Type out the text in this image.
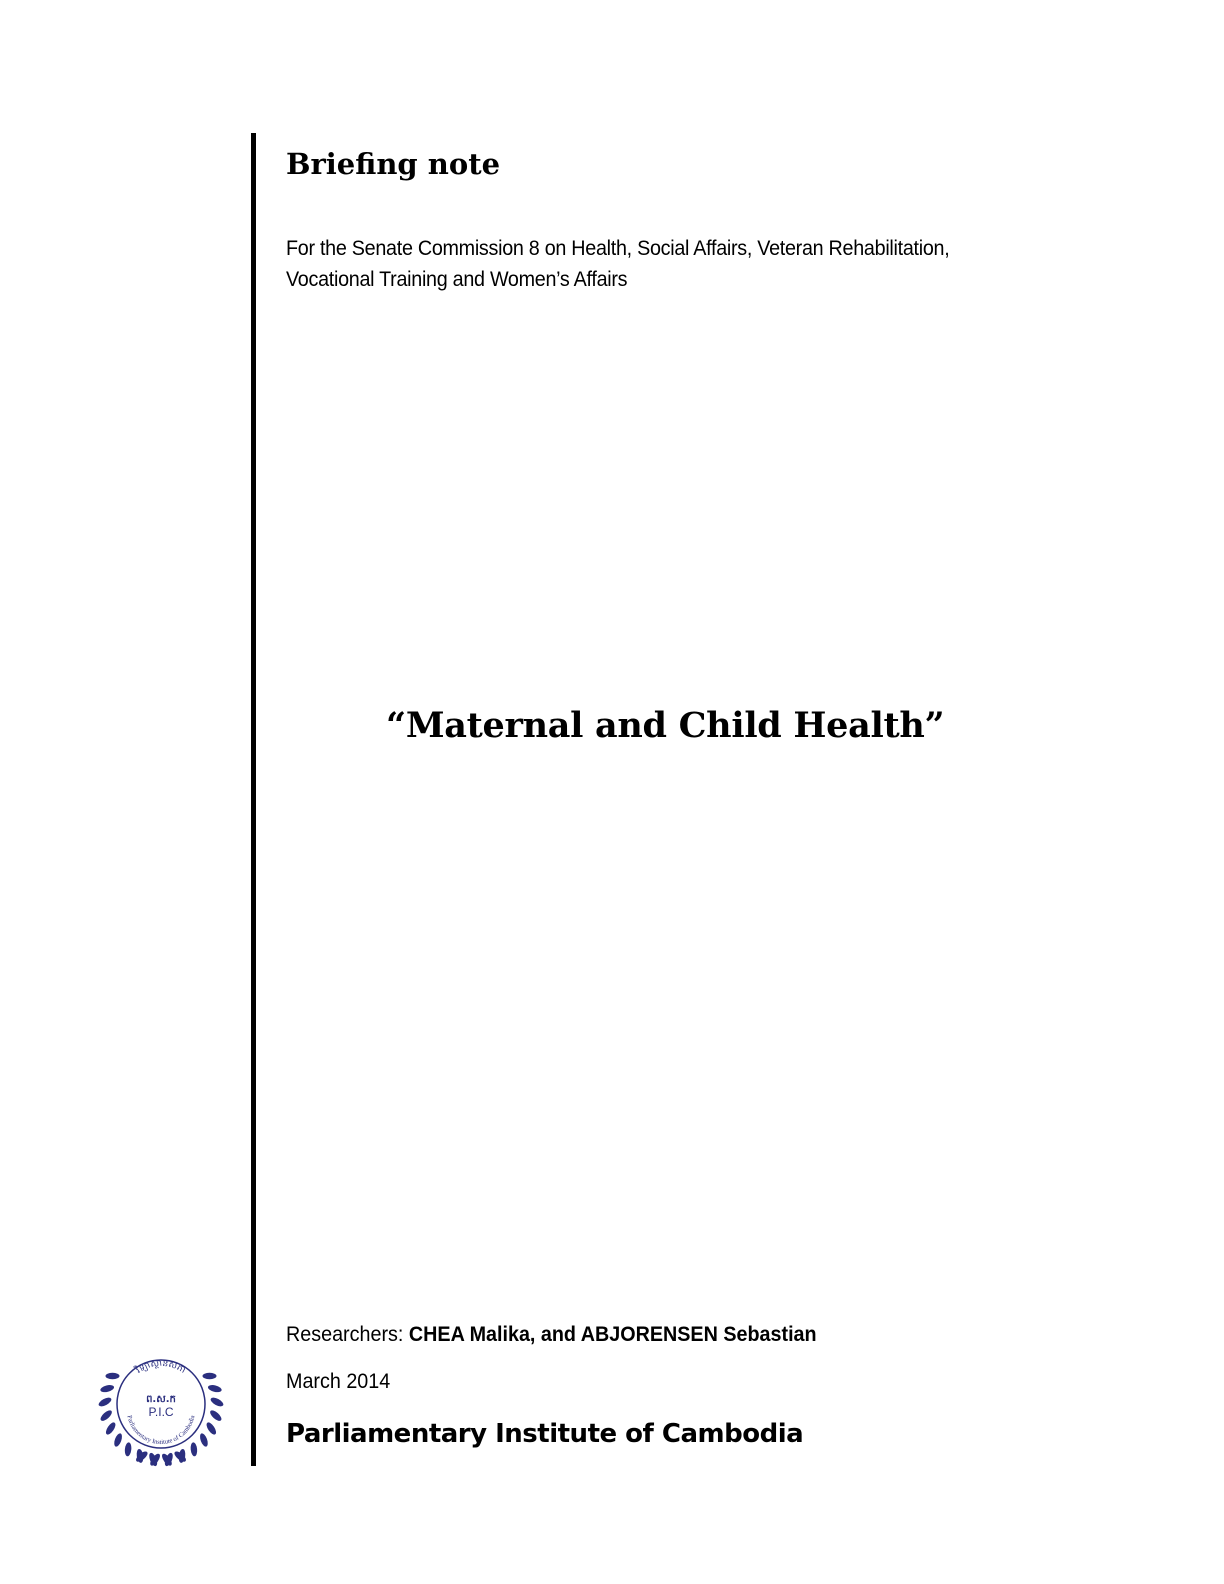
Briefing note

For the Senate Commission 8 on Health, Social Affairs, Veteran Rehabilitation, Vocational Training and Women’s Affairs

“Maternal and Child Health”
វិទ្យាស្ថានសភា
ព.ស.ក
P.I.C
Parliamentary Institute of Cambodia

Researchers: CHEA Malika, and ABJORENSEN Sebastian

March 2014

Parliamentary Institute of Cambodia
